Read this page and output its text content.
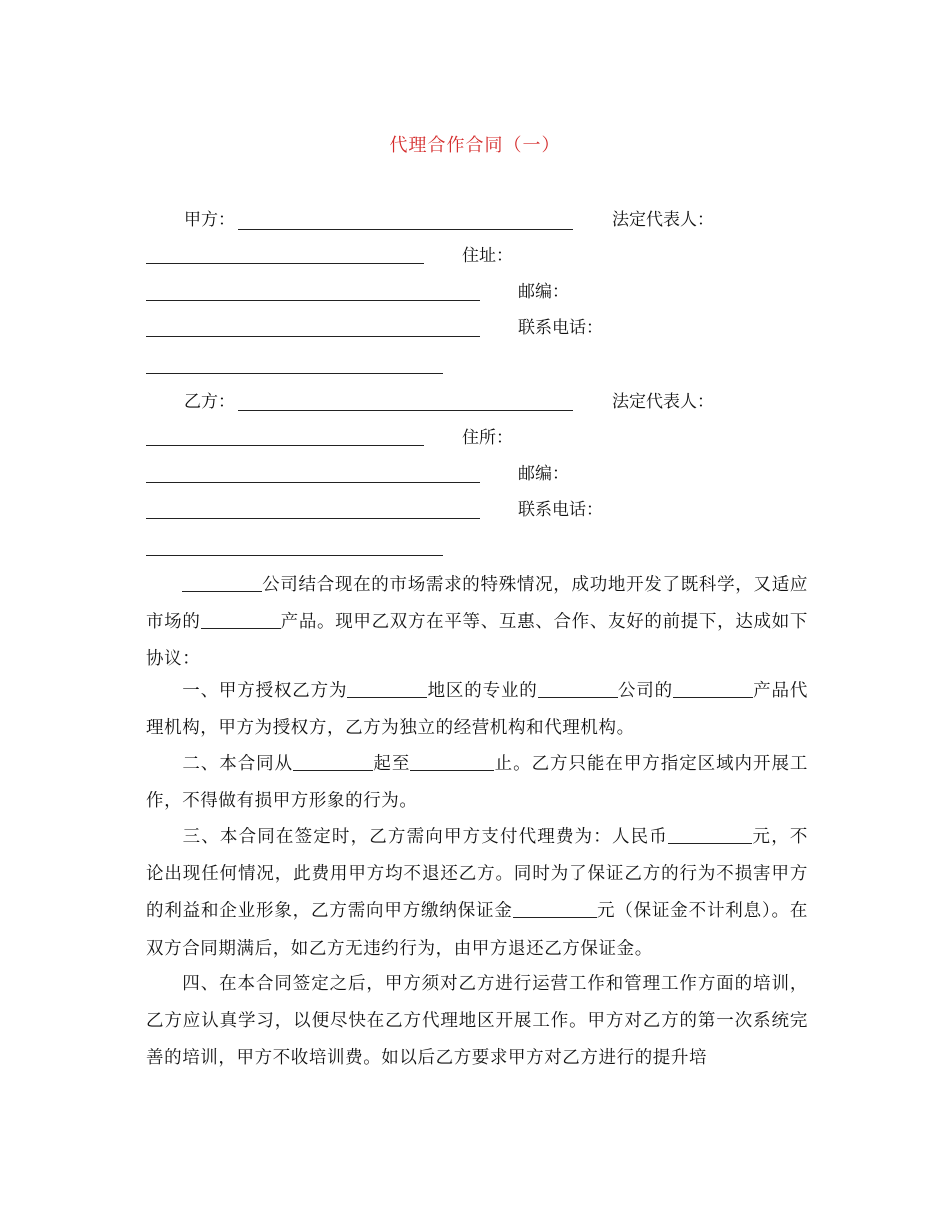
代理合作合同（一）
甲方：	法定代表人：
住址：
邮编：
联系电话：
乙方：	法定代表人：
住所：
邮编：
联系电话：
公司结合现在的市场需求的特殊情况，成功地开发了既科学，又适应市场的	产品。现甲乙双方在平等、互惠、合作、友好的前提下，达成如下协议：
一、甲方授权乙方为	地区的专业的	公司的	产品代理机构，甲方为授权方，乙方为独立的经营机构和代理机构。
二、本合同从	起至	止。乙方只能在甲方指定区域内开展工作，不得做有损甲方形象的行为。
三、本合同在签定时，乙方需向甲方支付代理费为：人民币	元，不论出现任何情况，此费用甲方均不退还乙方。同时为了保证乙方的行为不损害甲方的利益和企业形象，乙方需向甲方缴纳保证金	元（保证金不计利息）。在双方合同期满后，如乙方无违约行为，由甲方退还乙方保证金。
四、在本合同签定之后，甲方须对乙方进行运营工作和管理工作方面的培训，乙方应认真学习，以便尽快在乙方代理地区开展工作。甲方对乙方的第一次系统完善的培训，甲方不收培训费。如以后乙方要求甲方对乙方进行的提升培
